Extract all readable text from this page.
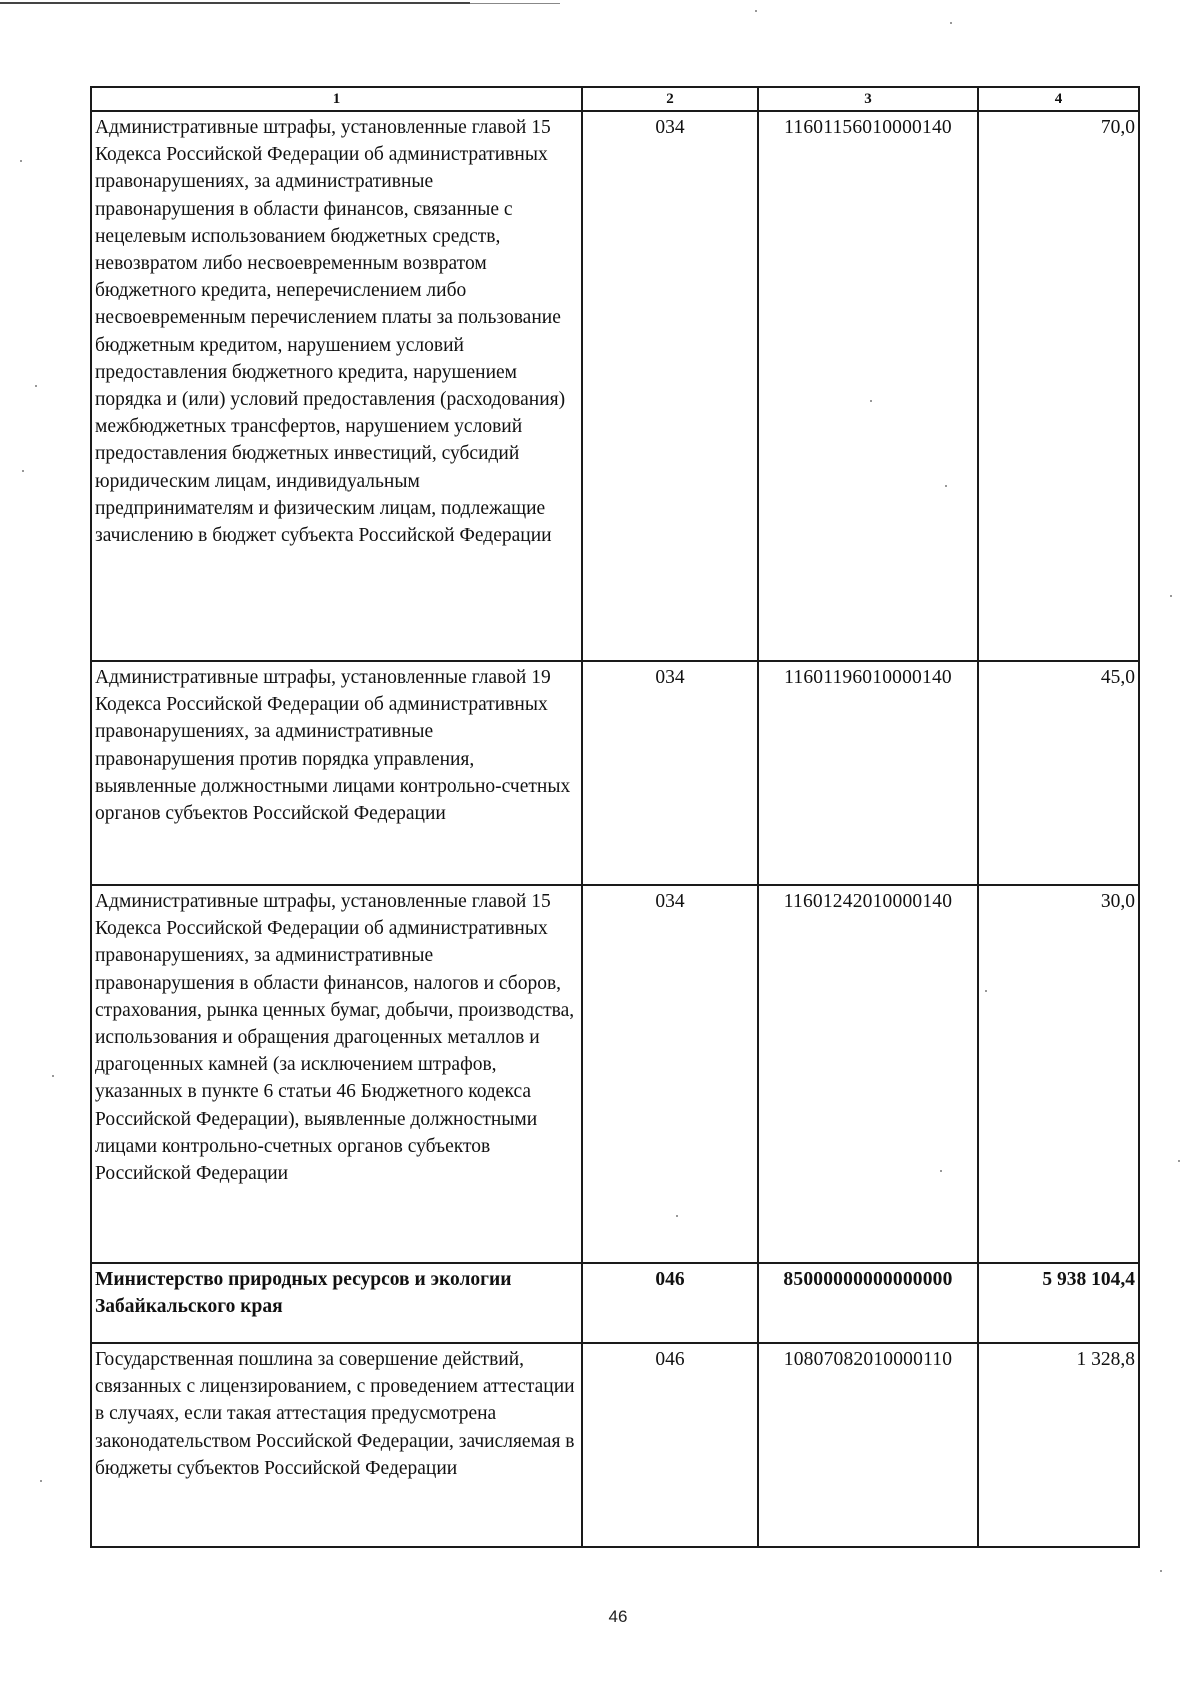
1	2	3	4
Административные штрафы, установленные главой 15 Кодекса Российской Федерации об административных правонарушениях, за административные правонарушения в области финансов, связанные с нецелевым использованием бюджетных средств, невозвратом либо несвоевременным возвратом бюджетного кредита, неперечислением либо несвоевременным перечислением платы за пользование бюджетным кредитом, нарушением условий предоставления бюджетного кредита, нарушением порядка и (или) условий предоставления (расходования) межбюджетных трансфертов, нарушением условий предоставления бюджетных инвестиций, субсидий юридическим лицам, индивидуальным предпринимателям и физическим лицам, подлежащие зачислению в бюджет субъекта Российской Федерации	034	11601156010000140	70,0
Административные штрафы, установленные главой 19 Кодекса Российской Федерации об административных правонарушениях, за административные правонарушения против порядка управления, выявленные должностными лицами контрольно-счетных органов субъектов Российской Федерации	034	11601196010000140	45,0
Административные штрафы, установленные главой 15 Кодекса Российской Федерации об административных правонарушениях, за административные правонарушения в области финансов, налогов и сборов, страхования, рынка ценных бумаг, добычи, производства, использования и обращения драгоценных металлов и драгоценных камней (за исключением штрафов, указанных в пункте 6 статьи 46 Бюджетного кодекса Российской Федерации), выявленные должностными лицами контрольно-счетных органов субъектов Российской Федерации	034	11601242010000140	30,0
Министерство природных ресурсов и экологии Забайкальского края	046	85000000000000000	5 938 104,4
Государственная пошлина за совершение действий, связанных с лицензированием, с проведением аттестации в случаях, если такая аттестация предусмотрена законодательством Российской Федерации, зачисляемая в бюджеты субъектов Российской Федерации	046	10807082010000110	1 328,8
46
